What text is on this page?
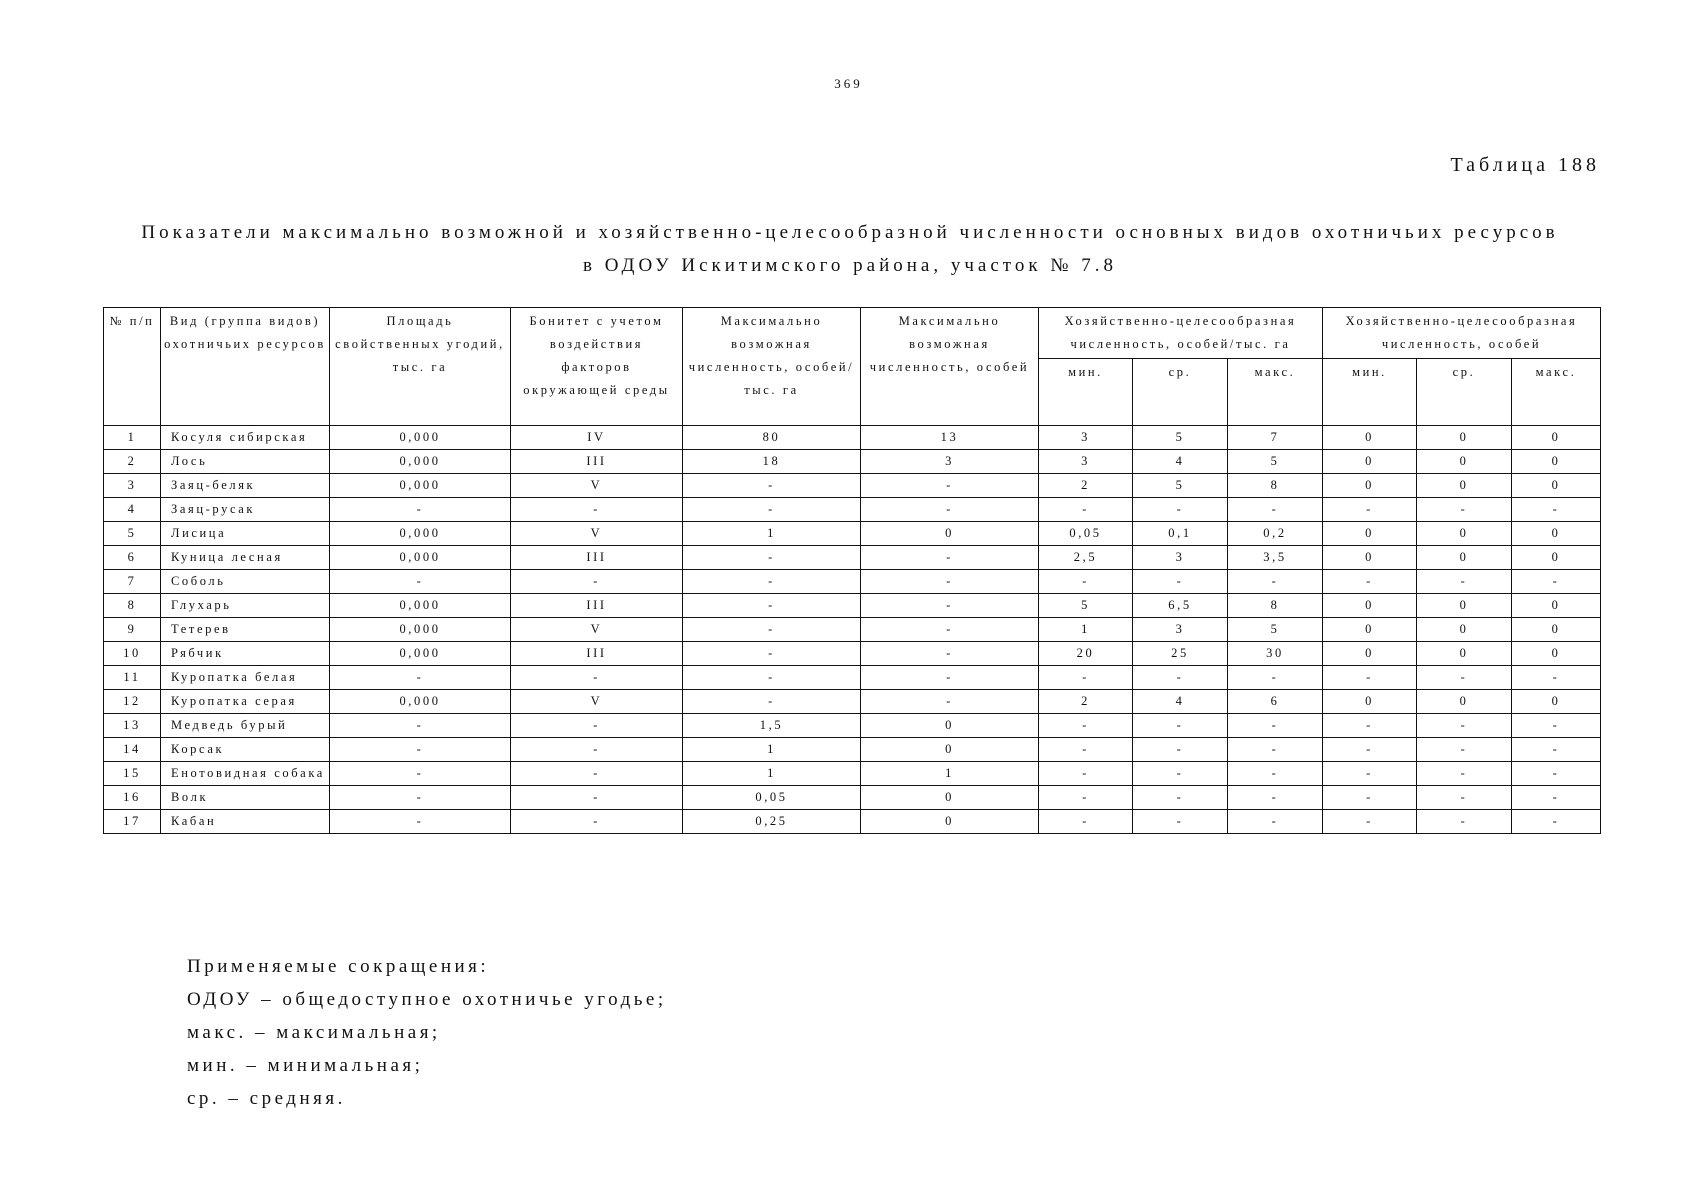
369
Таблица 188
Показатели максимально возможной и хозяйственно-целесообразной численности основных видов охотничьих ресурсов
в ОДОУ Искитимского района, участок № 7.8
№ п/п	Вид (группа видов) охотничьих ресурсов	Площадь свойственных угодий, тыс. га	Бонитет с учетом воздействия факторов окружающей среды	Максимально возможная численность, особей/тыс. га	Максимально возможная численность, особей	Хозяйственно-целесообразная численность, особей/тыс. га			Хозяйственно-целесообразная численность, особей		
						мин.	ср.	макс.	мин.	ср.	макс.
1	Косуля сибирская	0,000	IV	80	13	3	5	7	0	0	0
2	Лось	0,000	III	18	3	3	4	5	0	0	0
3	Заяц-беляк	0,000	V	-	-	2	5	8	0	0	0
4	Заяц-русак	-	-	-	-	-	-	-	-	-	-
5	Лисица	0,000	V	1	0	0,05	0,1	0,2	0	0	0
6	Куница лесная	0,000	III	-	-	2,5	3	3,5	0	0	0
7	Соболь	-	-	-	-	-	-	-	-	-	-
8	Глухарь	0,000	III	-	-	5	6,5	8	0	0	0
9	Тетерев	0,000	V	-	-	1	3	5	0	0	0
10	Рябчик	0,000	III	-	-	20	25	30	0	0	0
11	Куропатка белая	-	-	-	-	-	-	-	-	-	-
12	Куропатка серая	0,000	V	-	-	2	4	6	0	0	0
13	Медведь бурый	-	-	1,5	0	-	-	-	-	-	-
14	Корсак	-	-	1	0	-	-	-	-	-	-
15	Енотовидная собака	-	-	1	1	-	-	-	-	-	-
16	Волк	-	-	0,05	0	-	-	-	-	-	-
17	Кабан	-	-	0,25	0	-	-	-	-	-	-
Применяемые сокращения:
ОДОУ – общедоступное охотничье угодье;
макс. – максимальная;
мин. – минимальная;
ср. – средняя.
